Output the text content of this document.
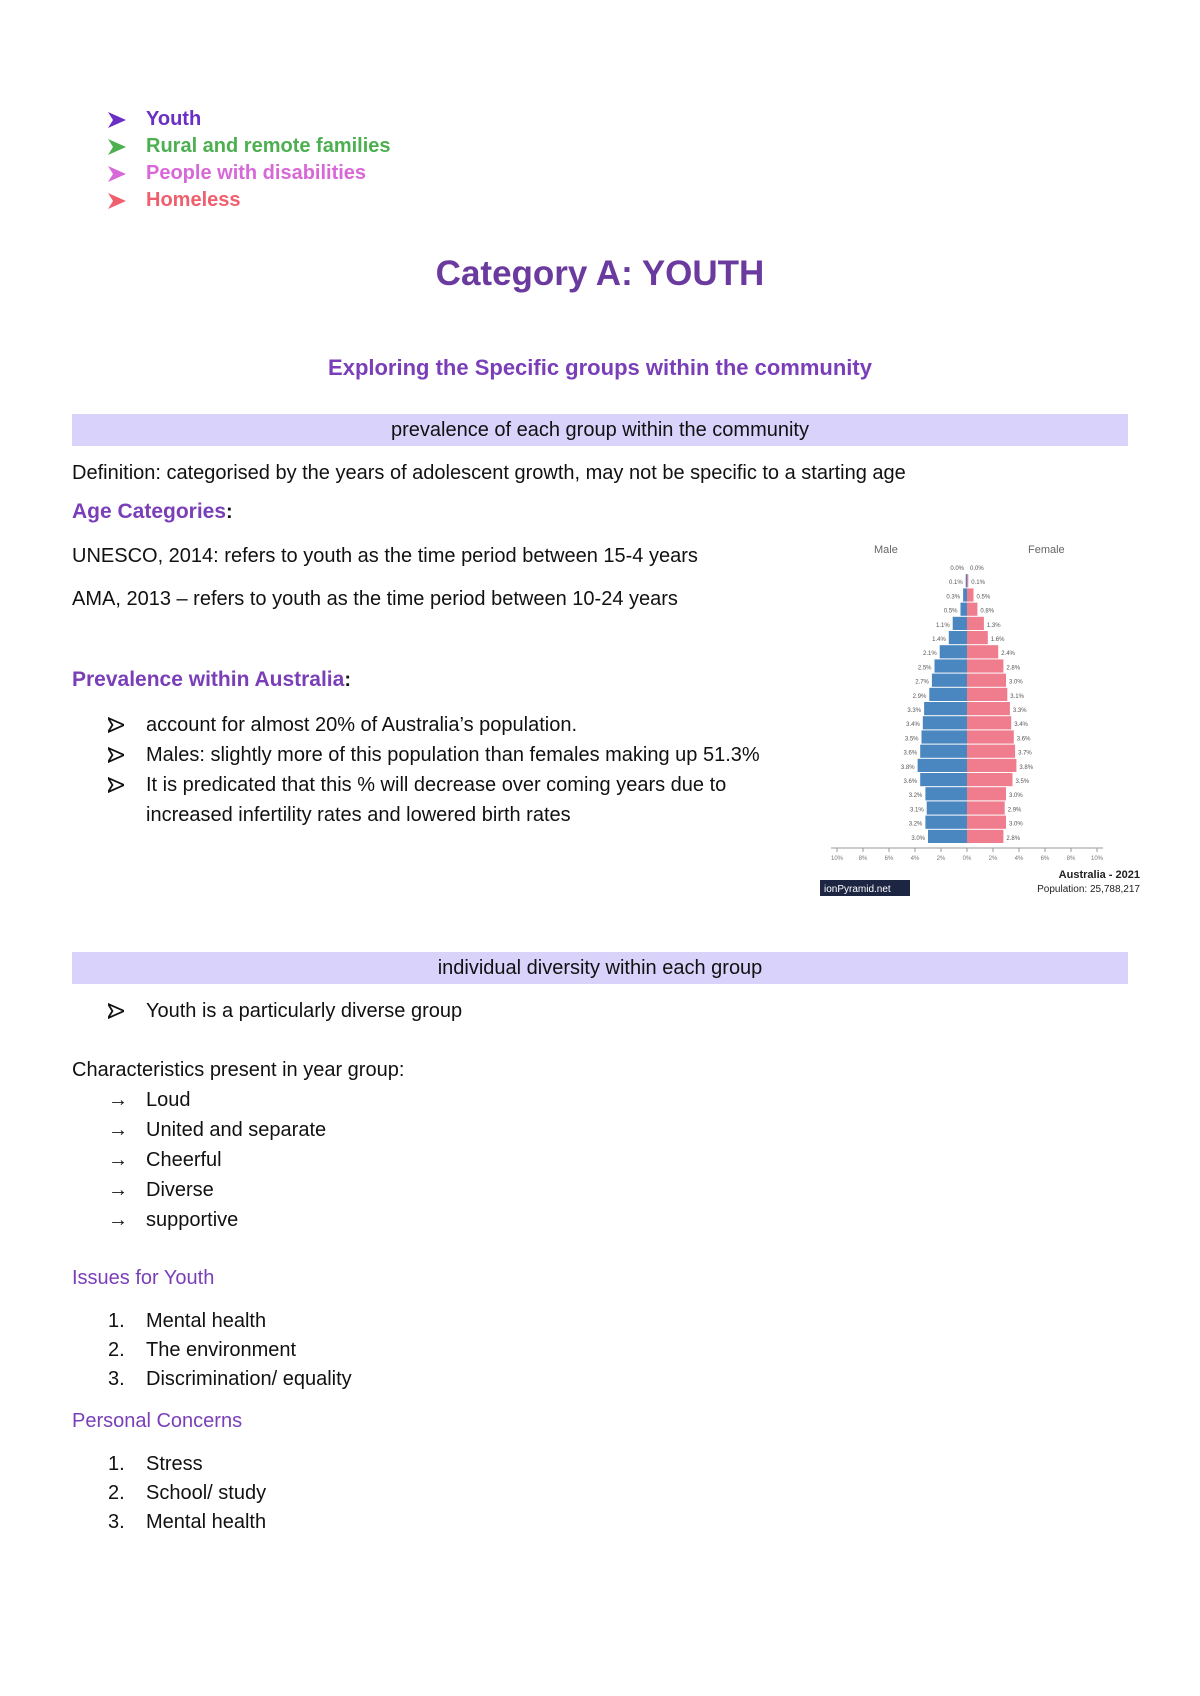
Youth
Rural and remote families
People with disabilities
Homeless
Category A: YOUTH
Exploring the Specific groups within the community
prevalence of each group within the community
Definition: categorised by the years of adolescent growth, may not be specific to a starting age
Age Categories:
UNESCO, 2014: refers to youth as the time period between 15-4 years
AMA, 2013 – refers to youth as the time period between 10-24 years
Prevalence within Australia:
account for almost 20% of Australia’s population.
Males: slightly more of this population than females making up 51.3%
It is predicated that this % will decrease over coming years due to increased infertility rates and lowered birth rates
Male	Female
0.0% 0.0%
0.1% 0.1%
0.3%	0.5%
0.5%	0.8%
1.1%	1.3%
1.4%	1.6%
2.1%	2.4%
2.5%	2.8%
2.7%	3.0%
2.9%	3.1%
3.3%	3.3%
3.4%	3.4%
3.5%	3.6%
3.6%	3.7%
3.8%	3.8%
3.6%	3.5%
3.2%	3.0%
3.1%	2.9%
3.2%	3.0%
3.0%	2.8%
10%	8%	6%	4%	2%	0%	2%	4%	6%	8%	10%
Australia - 2021
Population: 25,788,217
ionPyramid.net
individual diversity within each group
Youth is a particularly diverse group
Characteristics present in year group:
→ Loud
→ United and separate
→ Cheerful
→ Diverse
→ supportive
Issues for Youth
1.	Mental health
2.	The environment
3.	Discrimination/ equality
Personal Concerns
1.	Stress
2.	School/ study
3.	Mental health
